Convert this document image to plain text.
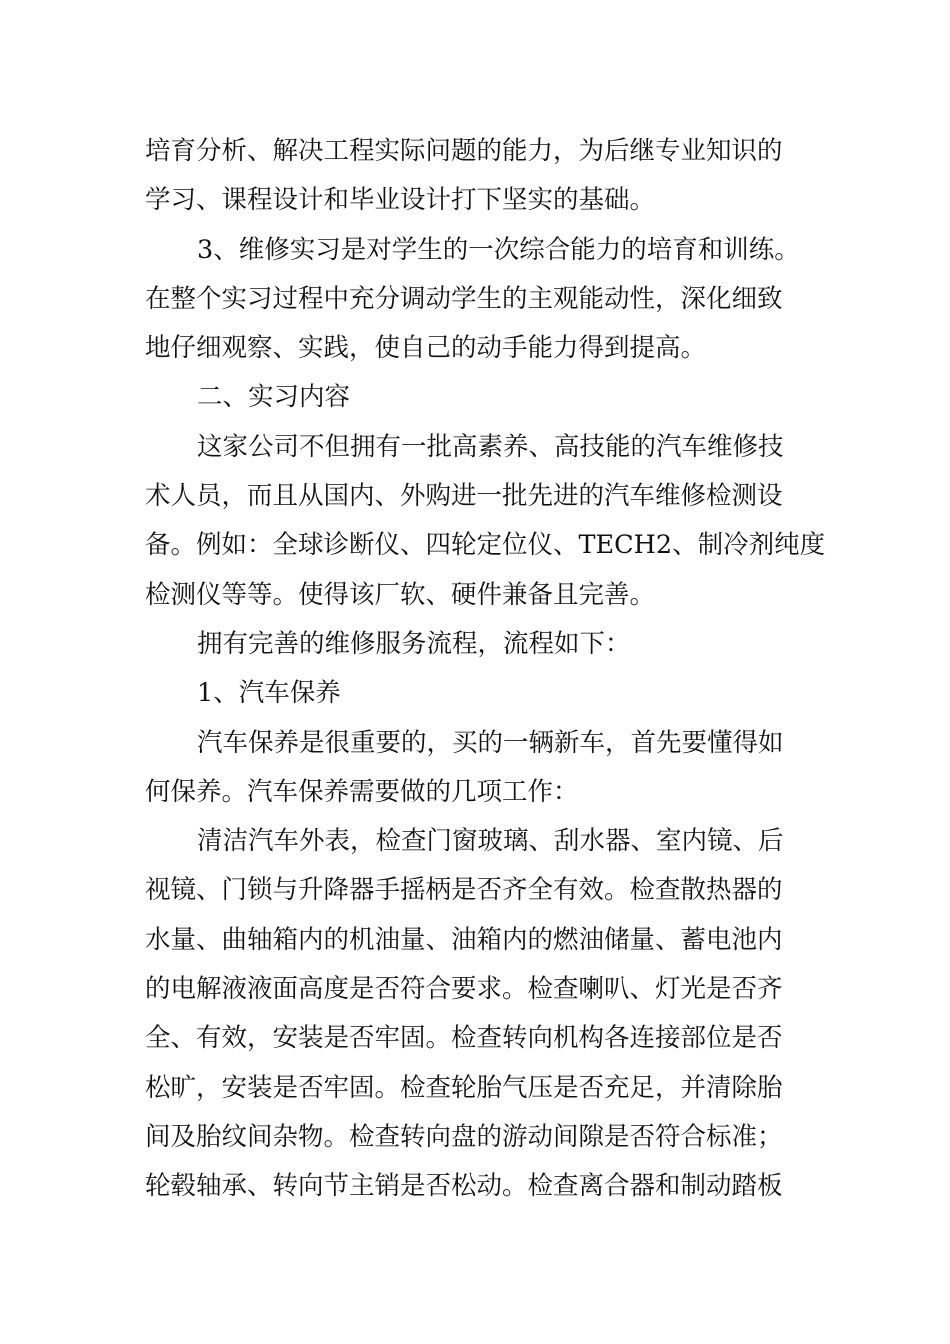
培育分析、解决工程实际问题的能力，为后继专业知识的
学习、课程设计和毕业设计打下坚实的基础。
3、维修实习是对学生的一次综合能力的培育和训练。
在整个实习过程中充分调动学生的主观能动性，深化细致
地仔细观察、实践，使自己的动手能力得到提高。
二、实习内容
这家公司不但拥有一批高素养、高技能的汽车维修技
术人员，而且从国内、外购进一批先进的汽车维修检测设
备。例如：全球诊断仪、四轮定位仪、TECH2、制冷剂纯度
检测仪等等。使得该厂软、硬件兼备且完善。
拥有完善的维修服务流程，流程如下：
1、汽车保养
汽车保养是很重要的，买的一辆新车，首先要懂得如
何保养。汽车保养需要做的几项工作：
清洁汽车外表，检查门窗玻璃、刮水器、室内镜、后
视镜、门锁与升降器手摇柄是否齐全有效。检查散热器的
水量、曲轴箱内的机油量、油箱内的燃油储量、蓄电池内
的电解液液面高度是否符合要求。检查喇叭、灯光是否齐
全、有效，安装是否牢固。检查转向机构各连接部位是否
松旷，安装是否牢固。检查轮胎气压是否充足，并清除胎
间及胎纹间杂物。检查转向盘的游动间隙是否符合标准；
轮毂轴承、转向节主销是否松动。检查离合器和制动踏板
